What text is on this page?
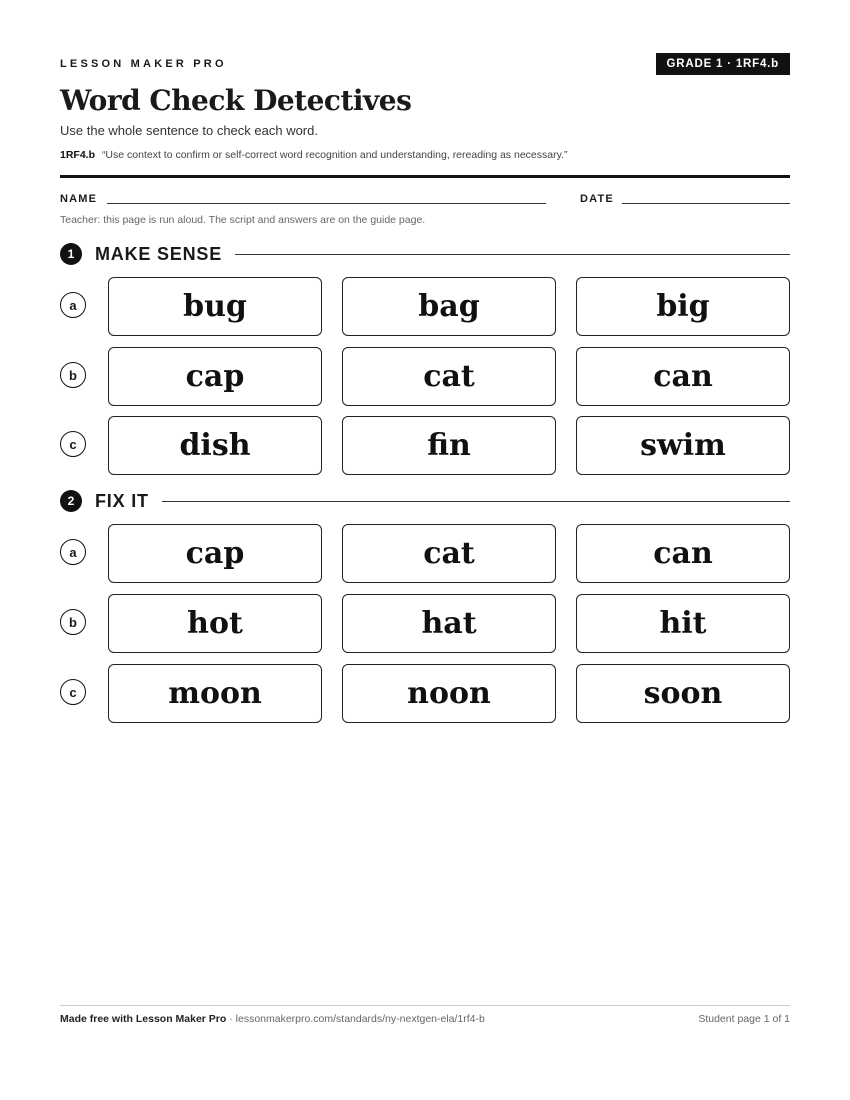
LESSON MAKER PRO	GRADE 1 · 1RF4.b
Word Check Detectives
Use the whole sentence to check each word.
1RF4.b “Use context to confirm or self-correct word recognition and understanding, rereading as necessary.”
NAME	DATE
Teacher: this page is run aloud. The script and answers are on the guide page.
1	MAKE SENSE
a	bug	bag	big
b	cap	cat	can
c	dish	fin	swim
2	FIX IT
a	cap	cat	can
b	hot	hat	hit
c	moon	noon	soon
Made free with Lesson Maker Pro · lessonmakerpro.com/standards/ny-nextgen-ela/1rf4-b	Student page 1 of 1
